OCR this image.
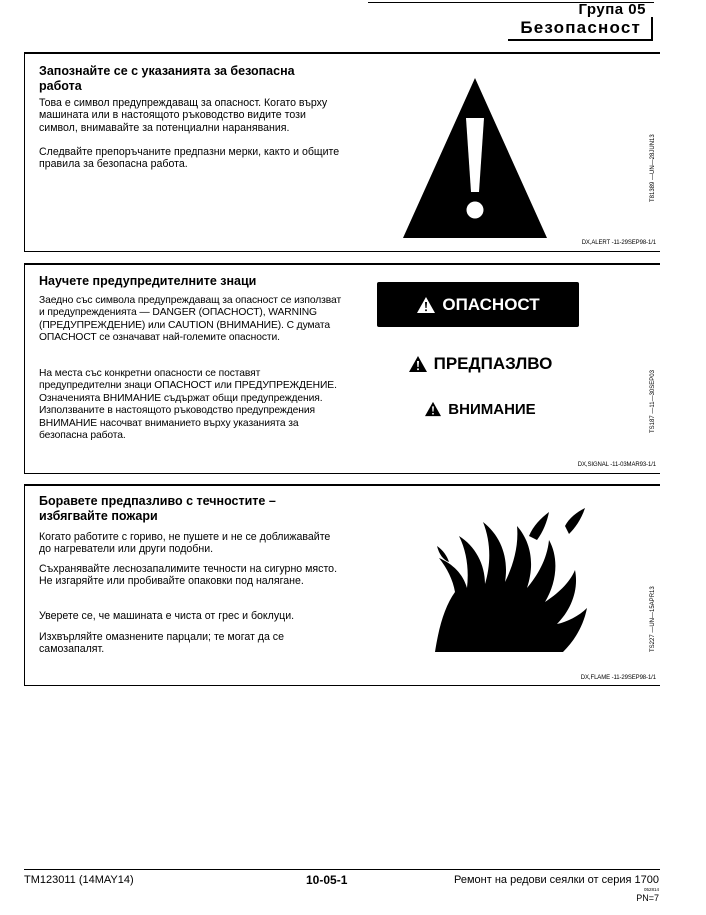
Група 05
Безопасност
Запознайте се с указанията за безопасна работа
Това е символ предупреждаващ за опасност. Когато върху машината или в настоящото ръководство видите този символ, внимавайте за потенциални наранявания.
Следвайте препоръчаните предпазни мерки, както и общите правила за безопасна работа.	T81389 —UN—28JUN13
DX,ALERT -11-29SEP98-1/1
Научете предупредителните знаци
Заедно със символа предупреждаващ за опасност се използват и предупрежденията — DANGER (ОПАСНОСТ), WARNING (ПРЕДУПРЕЖДЕНИЕ) или CAUTION (ВНИМАНИЕ). С думата ОПАСНОСТ се означават най-големите опасности.
На места със конкретни опасности се поставят предупредителни знаци ОПАСНОСТ или ПРЕДУПРЕЖДЕНИЕ. Означенията ВНИМАНИЕ съдържат общи предупреждения. Използваните в настоящото ръководство предупреждения ВНИМАНИЕ насочват вниманието върху указанията за безопасна работа.
ОПАСНОСТ
ПРЕДПАЗЛВО
ВНИМАНИЕ	TS187 —11—30SEP03
DX,SIGNAL -11-03MAR93-1/1
Боравете предпазливо с течностите – избягвайте пожари
Когато работите с гориво, не пушете и не се доближавайте до нагреватели или други подобни.
Съхранявайте леснозапалимите течности на сигурно място. Не изгаряйте или пробивайте опаковки под налягане.
Уверете се, че машината е чиста от грес и боклуци.
Изхвърляйте омазнените парцали; те могат да се самозапалят.	TS227 —UN—15APR13
DX,FLAME -11-29SEP98-1/1
TM123011 (14MAY14)	10-05-1	Ремонт на редови сеялки от серия 1700
052814
PN=7
